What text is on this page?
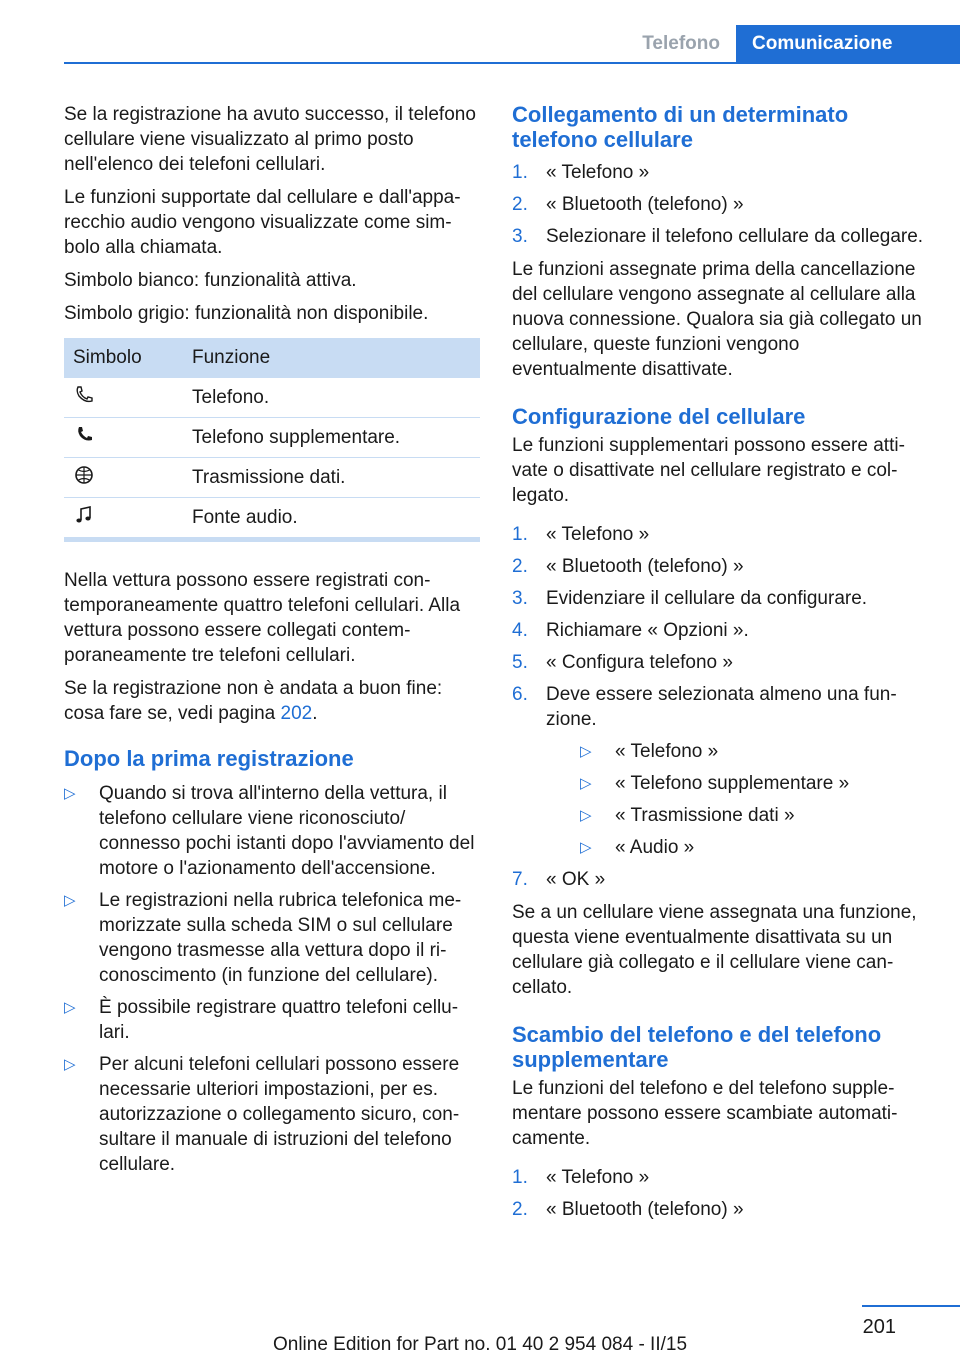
Telefono	Comunicazione

Se la registrazione ha avuto successo, il telefono cellulare viene visualizzato al primo posto nell'elenco dei telefoni cellulari.

Le funzioni supportate dal cellulare e dall'apparecchio audio vengono visualizzate come simbolo alla chiamata.

Simbolo bianco: funzionalità attiva.

Simbolo grigio: funzionalità non disponibile.

Simbolo	Funzione
	Telefono.
	Telefono supplementare.
	Trasmissione dati.
	Fonte audio.

Nella vettura possono essere registrati contemporaneamente quattro telefoni cellulari. Alla vettura possono essere collegati contemporaneamente tre telefoni cellulari.

Se la registrazione non è andata a buon fine: cosa fare se, vedi pagina 202.

Dopo la prima registrazione
▷ Quando si trova all'interno della vettura, il telefono cellulare viene riconosciuto/ connesso pochi istanti dopo l'avviamento del motore o l'azionamento dell'accensione.
▷ Le registrazioni nella rubrica telefonica memorizzate sulla scheda SIM o sul cellulare vengono trasmesse alla vettura dopo il riconoscimento (in funzione del cellulare).
▷ È possibile registrare quattro telefoni cellulari.
▷ Per alcuni telefoni cellulari possono essere necessarie ulteriori impostazioni, per es. autorizzazione o collegamento sicuro, consultare il manuale di istruzioni del telefono cellulare.
Collegamento di un determinato telefono cellulare
1. « Telefono »
2. « Bluetooth (telefono) »
3. Selezionare il telefono cellulare da collegare.

Le funzioni assegnate prima della cancellazione del cellulare vengono assegnate al cellulare alla nuova connessione. Qualora sia già collegato un cellulare, queste funzioni vengono eventualmente disattivate.

Configurazione del cellulare

Le funzioni supplementari possono essere attivate o disattivate nel cellulare registrato e collegato.

1. « Telefono »
2. « Bluetooth (telefono) »
3. Evidenziare il cellulare da configurare.
4. Richiamare « Opzioni ».
5. « Configura telefono »
6. Deve essere selezionata almeno una funzione.
▷ « Telefono »
▷ « Telefono supplementare »
▷ « Trasmissione dati »
▷ « Audio »
7. « OK »

Se a un cellulare viene assegnata una funzione, questa viene eventualmente disattivata su un cellulare già collegato e il cellulare viene cancellato.

Scambio del telefono e del telefono supplementare

Le funzioni del telefono e del telefono supplementare possono essere scambiate automaticamente.

1. « Telefono »
2. « Bluetooth (telefono) »
201
Online Edition for Part no. 01 40 2 954 084 - II/15
